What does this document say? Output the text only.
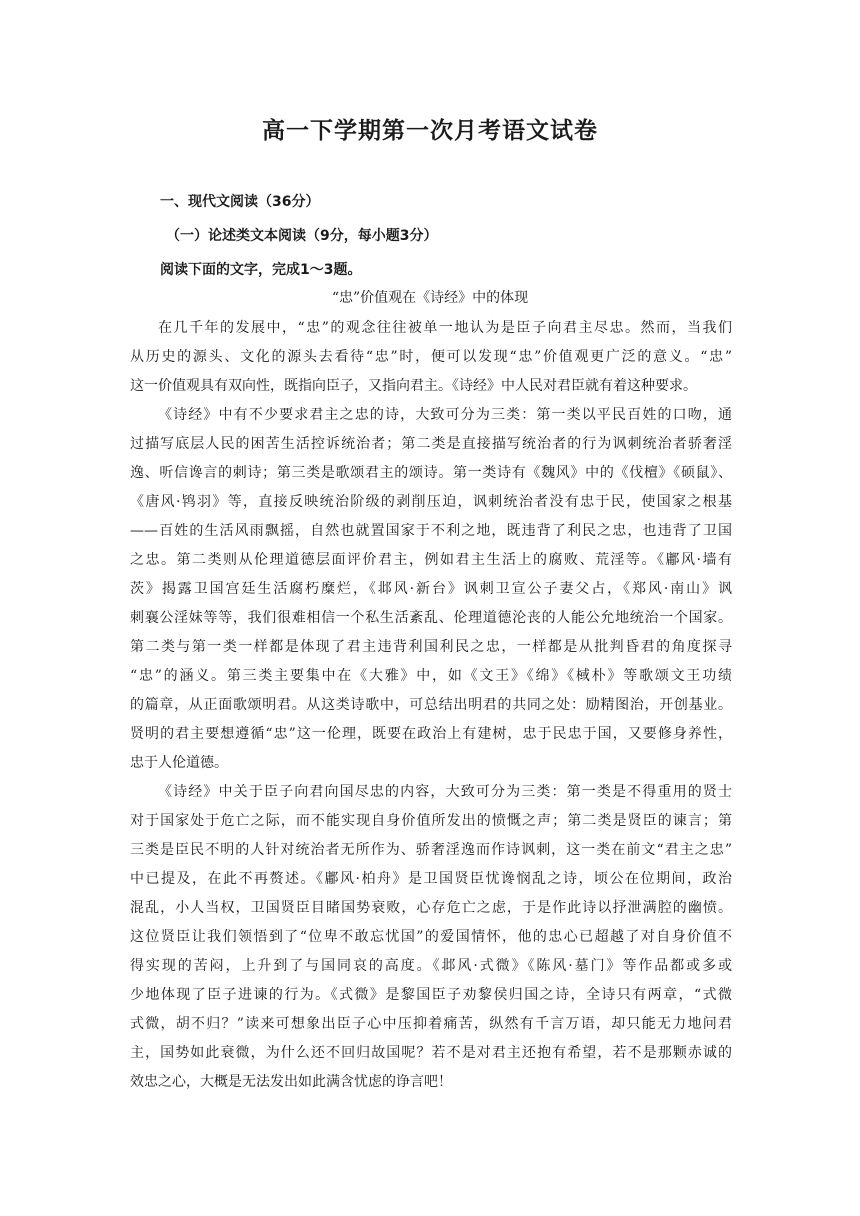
高一下学期第一次月考语文试卷

一、现代文阅读（36分）

（一）论述类文本阅读（9分，每小题3分）

阅读下面的文字，完成1～3题。

“忠”价值观在《诗经》中的体现

在几千年的发展中，“忠”的观念往往被单一地认为是臣子向君主尽忠。然而，当我们
从历史的源头、文化的源头去看待“忠”时，便可以发现“忠”价值观更广泛的意义。“忠”
这一价值观具有双向性，既指向臣子，又指向君主。《诗经》中人民对君臣就有着这种要求。
《诗经》中有不少要求君主之忠的诗，大致可分为三类：第一类以平民百姓的口吻，通
过描写底层人民的困苦生活控诉统治者；第二类是直接描写统治者的行为讽刺统治者骄奢淫
逸、听信谗言的刺诗；第三类是歌颂君主的颂诗。第一类诗有《魏风》中的《伐檀》《硕鼠》、
《唐风·鸨羽》等，直接反映统治阶级的剥削压迫，讽刺统治者没有忠于民，使国家之根基
——百姓的生活风雨飘摇，自然也就置国家于不利之地，既违背了利民之忠，也违背了卫国
之忠。第二类则从伦理道德层面评价君主，例如君主生活上的腐败、荒淫等。《鄘风·墙有
茨》揭露卫国宫廷生活腐朽糜烂，《邶风·新台》讽刺卫宣公子妻父占，《郑风·南山》讽
刺襄公淫妹等等，我们很难相信一个私生活紊乱、伦理道德沦丧的人能公允地统治一个国家。
第二类与第一类一样都是体现了君主违背利国利民之忠，一样都是从批判昏君的角度探寻
“忠”的涵义。第三类主要集中在《大雅》中，如《文王》《绵》《棫朴》等歌颂文王功绩
的篇章，从正面歌颂明君。从这类诗歌中，可总结出明君的共同之处：励精图治，开创基业。
贤明的君主要想遵循“忠”这一伦理，既要在政治上有建树，忠于民忠于国，又要修身养性，
忠于人伦道德。
《诗经》中关于臣子向君向国尽忠的内容，大致可分为三类：第一类是不得重用的贤士
对于国家处于危亡之际，而不能实现自身价值所发出的愤慨之声；第二类是贤臣的谏言；第
三类是臣民不明的人针对统治者无所作为、骄奢淫逸而作诗讽刺，这一类在前文“君主之忠”
中已提及，在此不再赘述。《鄘风·柏舟》是卫国贤臣忧谗悯乱之诗，顷公在位期间，政治
混乱，小人当权，卫国贤臣目睹国势衰败，心存危亡之虑，于是作此诗以抒泄满腔的幽愤。
这位贤臣让我们领悟到了“位卑不敢忘忧国”的爱国情怀，他的忠心已超越了对自身价值不
得实现的苦闷，上升到了与国同哀的高度。《邶风·式微》《陈风·墓门》等作品都或多或
少地体现了臣子进谏的行为。《式微》是黎国臣子劝黎侯归国之诗，全诗只有两章，“式微
式微，胡不归？”读来可想象出臣子心中压抑着痛苦，纵然有千言万语，却只能无力地问君
主，国势如此衰微，为什么还不回归故国呢？若不是对君主还抱有希望，若不是那颗赤诚的
效忠之心，大概是无法发出如此满含忧虑的诤言吧！
